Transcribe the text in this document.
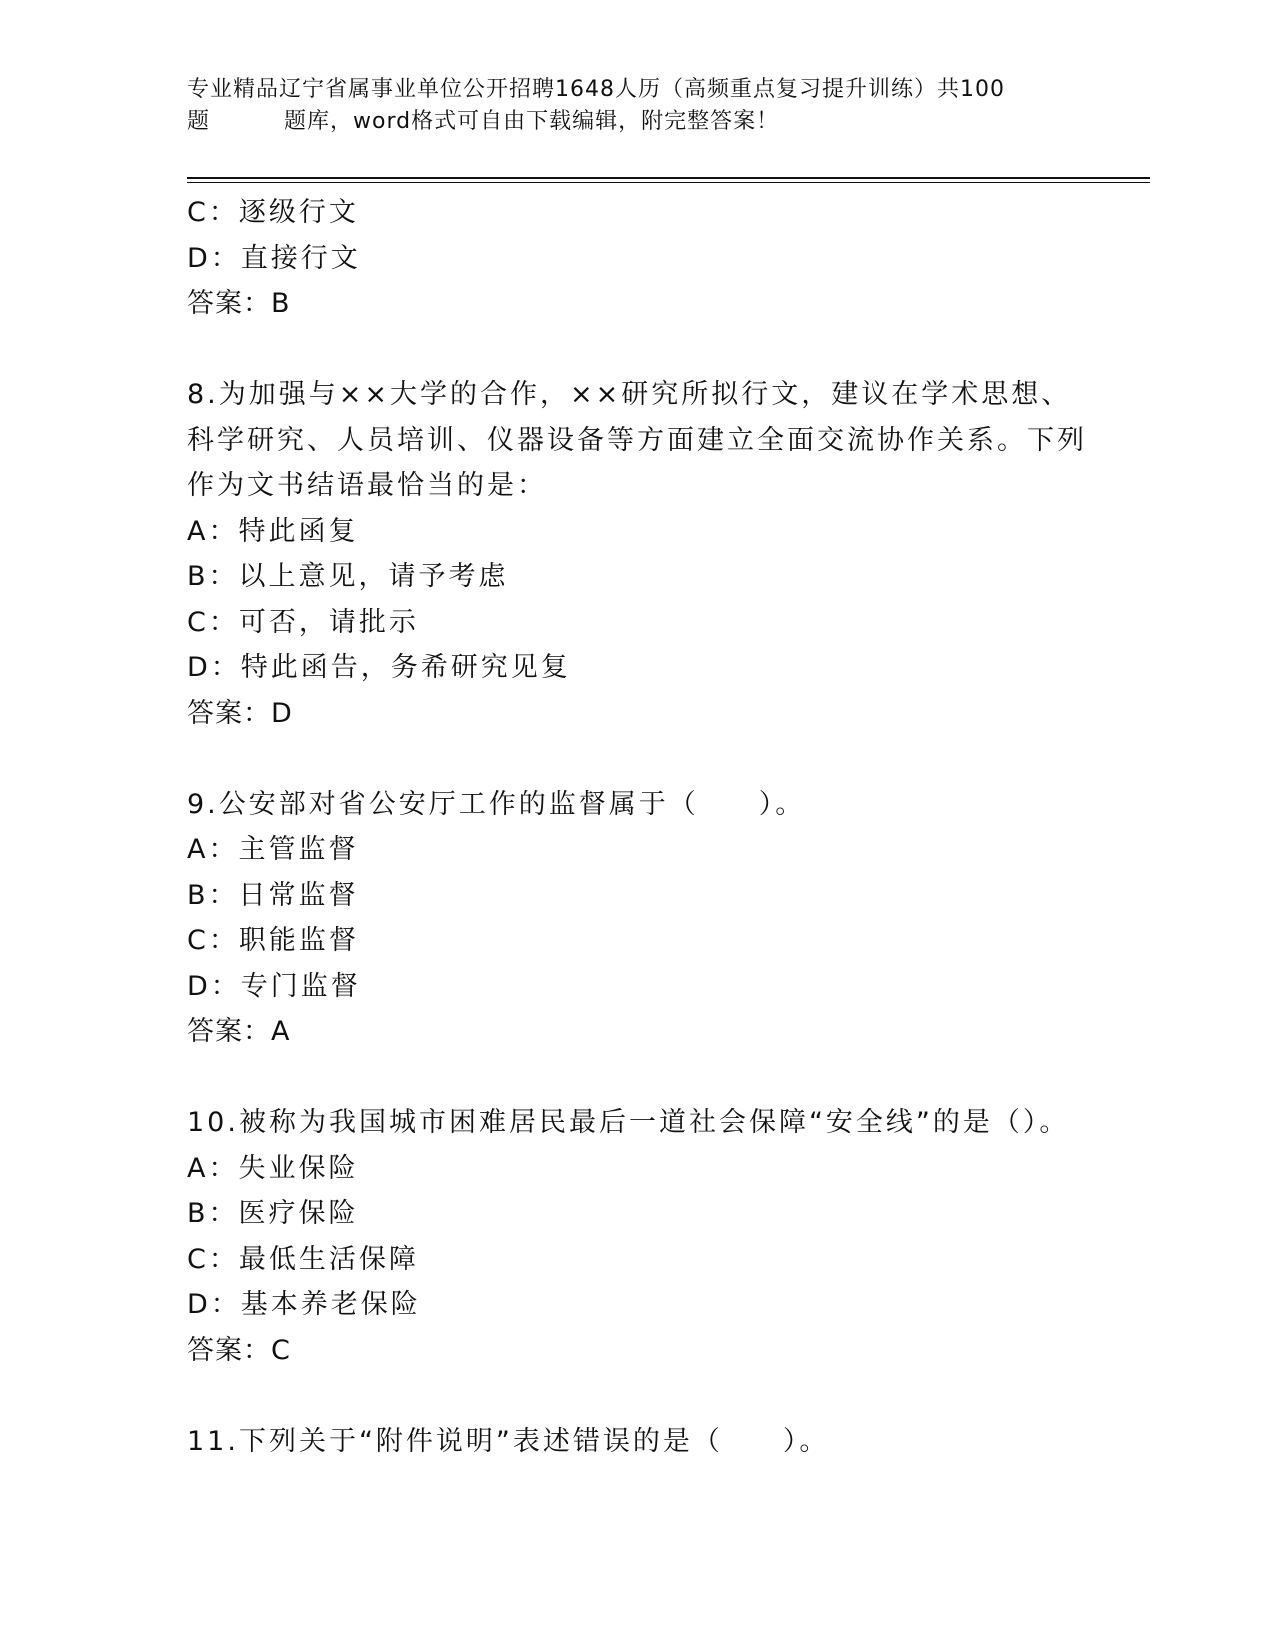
专业精品辽宁省属事业单位公开招聘1648人历（高频重点复习提升训练）共100
题	题库，word格式可自由下载编辑，附完整答案！
C：逐级行文
D：直接行文
答案：B
8.为加强与××大学的合作，××研究所拟行文，建议在学术思想、
科学研究、人员培训、仪器设备等方面建立全面交流协作关系。下列
作为文书结语最恰当的是：
A：特此函复
B：以上意见，请予考虑
C：可否，请批示
D：特此函告，务希研究见复
答案：D
9.公安部对省公安厅工作的监督属于（　　）。
A：主管监督
B：日常监督
C：职能监督
D：专门监督
答案：A
10.被称为我国城市困难居民最后一道社会保障“安全线”的是（）。
A：失业保险
B：医疗保险
C：最低生活保障
D：基本养老保险
答案：C
11.下列关于“附件说明”表述错误的是（　　）。
